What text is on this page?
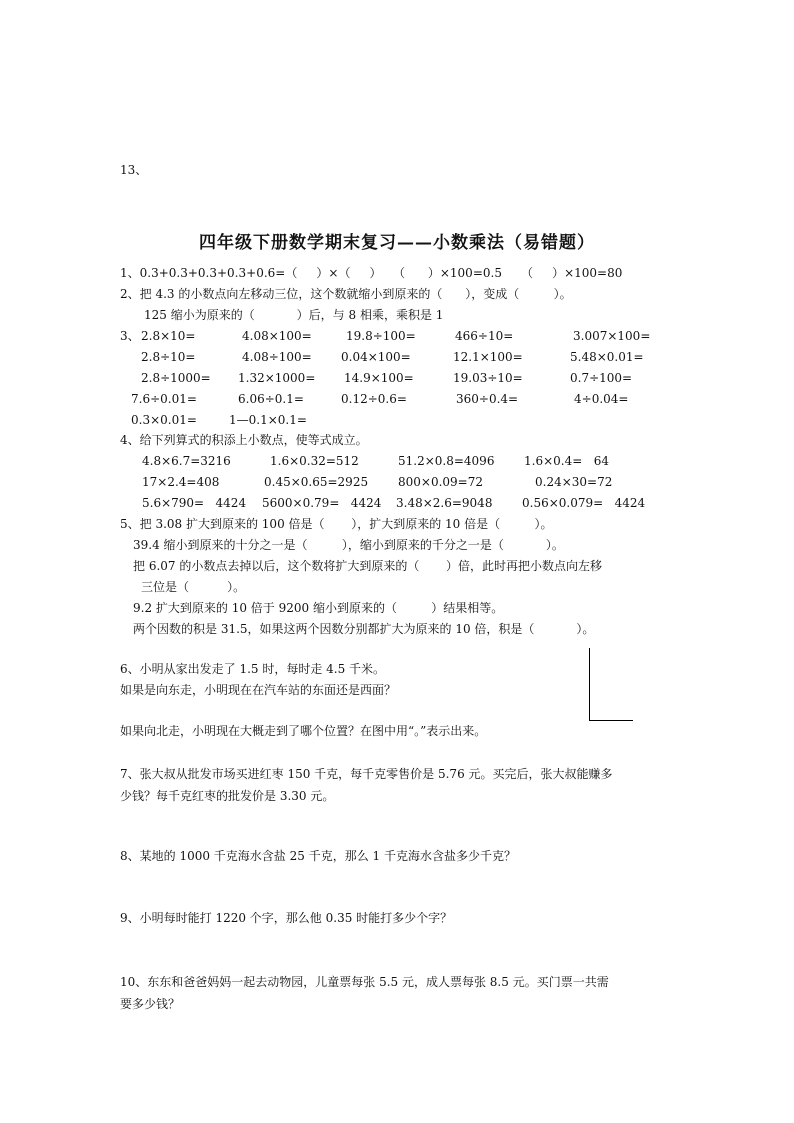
13、
四年级下册数学期末复习——小数乘法（易错题）
1、0.3+0.3+0.3+0.3+0.6=（     ）×（     ）   （      ）×100=0.5     （     ）×100=80
2、把 4.3 的小数点向左移动三位，这个数就缩小到原来的（      ），变成（         ）。
125 缩小为原来的（           ）后，与 8 相乘，乘积是 1
3、 2.8×10=	4.08×100=	19.8÷100=	466÷10=	3.007×100=
2.8÷10=	4.08÷100= 0.04×100=	12.1×100=	5.48×0.01=
2.8÷1000= 1.32×1000= 14.9×100=	19.03÷10=	0.7÷100=
7.6÷0.01=	6.06÷0.1=	0.12÷0.6=	360÷0.4=	4÷0.04=
0.3×0.01=	1—0.1×0.1=
4、给下列算式的积添上小数点，使等式成立。
4.8×6.7=3216	1.6×0.32=512	51.2×0.8=4096 1.6×0.4=   64
17×2.4=408	0.45×0.65=2925 800×0.09=72	0.24×30=72
5.6×790=   4424 5600×0.79=   4424 3.48×2.6=9048 0.56×0.079=   4424
5、把 3.08 扩大到原来的 100 倍是（       ），扩大到原来的 10 倍是（         ）。
39.4 缩小到原来的十分之一是（         ），缩小到原来的千分之一是（           ）。
把 6.07 的小数点去掉以后，这个数将扩大到原来的（       ）倍，此时再把小数点向左移
三位是（          ）。
9.2 扩大到原来的 10 倍于 9200 缩小到原来的（         ）结果相等。
两个因数的积是 31.5，如果这两个因数分别都扩大为原来的 10 倍，积是（           ）。
6、小明从家出发走了 1.5 时，每时走 4.5 千米。
如果是向东走，小明现在在汽车站的东面还是西面？
如果向北走，小明现在大概走到了哪个位置？在图中用“。”表示出来。
7、张大叔从批发市场买进红枣 150 千克，每千克零售价是 5.76 元。买完后，张大叔能赚多
少钱？每千克红枣的批发价是 3.30 元。
8、某地的 1000 千克海水含盐 25 千克，那么 1 千克海水含盐多少千克？
9、小明每时能打 1220 个字，那么他 0.35 时能打多少个字？
10、东东和爸爸妈妈一起去动物园，儿童票每张 5.5 元，成人票每张 8.5 元。买门票一共需
要多少钱？
